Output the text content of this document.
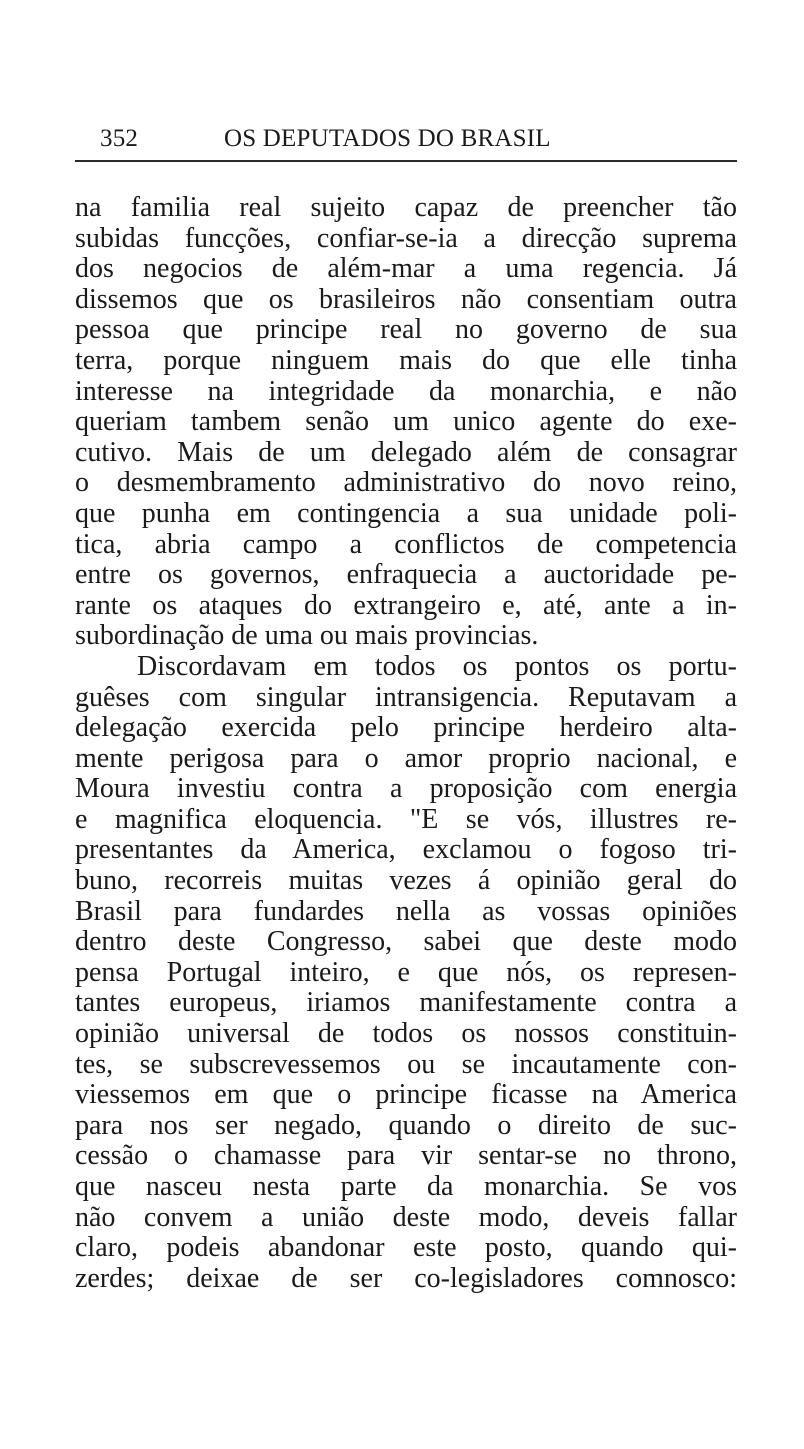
352	OS DEPUTADOS DO BRASIL
na familia real sujeito capaz de preencher tão
subidas funcções, confiar-se-ia a direcção suprema
dos negocios de além-mar a uma regencia. Já
dissemos que os brasileiros não consentiam outra
pessoa que principe real no governo de sua
terra, porque ninguem mais do que elle tinha
interesse na integridade da monarchia, e não
queriam tambem senão um unico agente do exe-
cutivo. Mais de um delegado além de consagrar
o desmembramento administrativo do novo reino,
que punha em contingencia a sua unidade poli-
tica, abria campo a conflictos de competencia
entre os governos, enfraquecia a auctoridade pe-
rante os ataques do extrangeiro e, até, ante a in-
subordinação de uma ou mais provincias.
Discordavam em todos os pontos os portu-
guêses com singular intransigencia. Reputavam a
delegação exercida pelo principe herdeiro alta-
mente perigosa para o amor proprio nacional, e
Moura investiu contra a proposição com energia
e magnifica eloquencia. "E se vós, illustres re-
presentantes da America, exclamou o fogoso tri-
buno, recorreis muitas vezes á opinião geral do
Brasil para fundardes nella as vossas opiniões
dentro deste Congresso, sabei que deste modo
pensa Portugal inteiro, e que nós, os represen-
tantes europeus, iriamos manifestamente contra a
opinião universal de todos os nossos constituin-
tes, se subscrevessemos ou se incautamente con-
viessemos em que o principe ficasse na America
para nos ser negado, quando o direito de suc-
cessão o chamasse para vir sentar-se no throno,
que nasceu nesta parte da monarchia. Se vos
não convem a união deste modo, deveis fallar
claro, podeis abandonar este posto, quando qui-
zerdes; deixae de ser co-legisladores comnosco:
